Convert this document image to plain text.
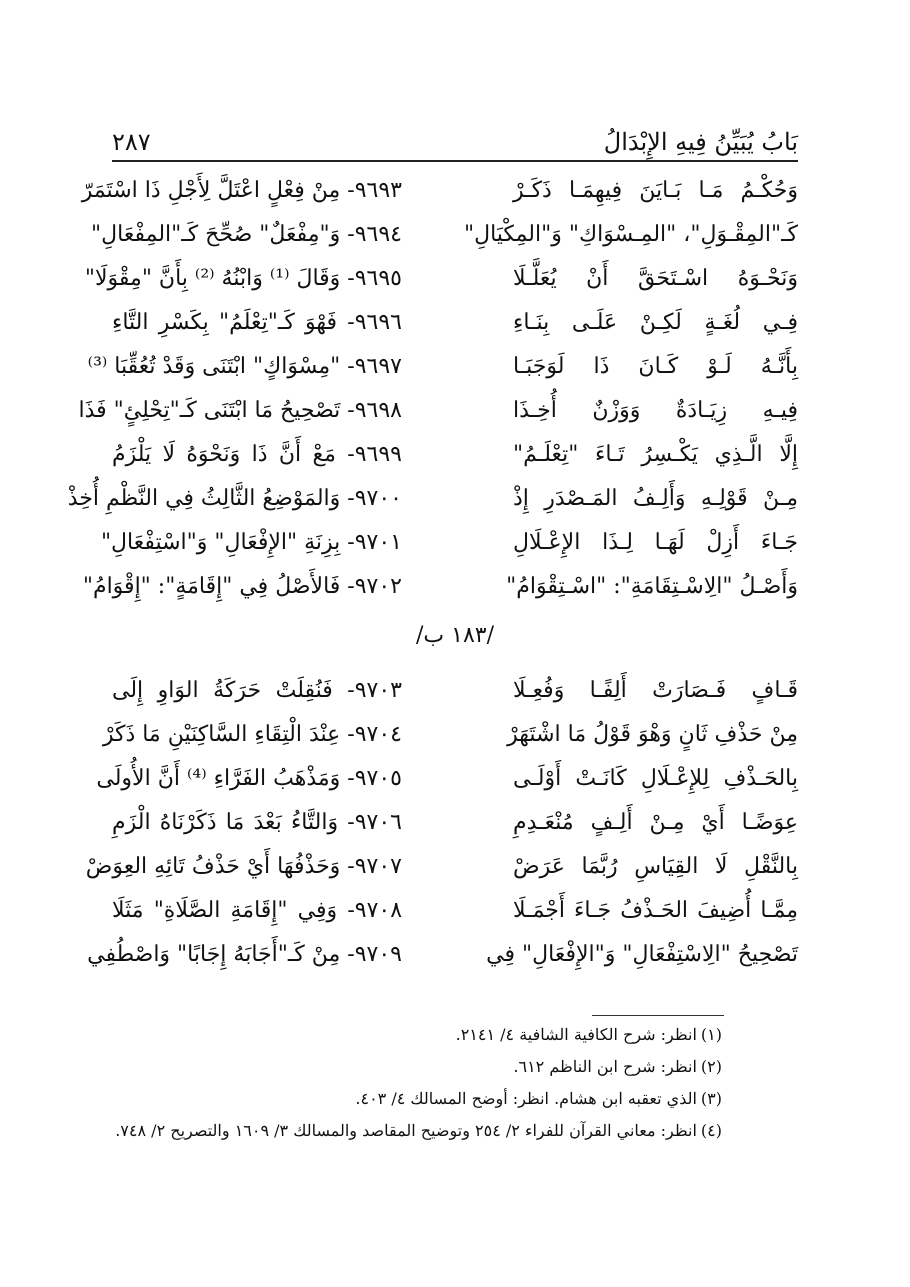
٢٨٧	بَابُ يُبَيِّنُ فِيهِ الإِبْدَالُ
٩٦٩٣- مِنْ فِعْلٍ اعْتَلَّ لِأَجْلِ ذَا اسْتَمَرّ	وَحُكْـمُ مَـا بَـايَنَ فِيهِمَـا ذَكَـرْ
٩٦٩٤- وَ"مِفْعَلٌ" صُحِّحَ كَـ"المِفْعَالِ"	كَـ"المِقْـوَلِ"، "المِـسْوَاكِ" وَ"المِكْيَالِ"
٩٦٩٥- وَقَالَ ⁽¹⁾ وَابْنُهُ ⁽²⁾ بِأَنَّ "مِقْوَلَا"	وَنَحْـوَهُ اسْـتَحَقَّ أَنْ يُعَلَّـلَا
٩٦٩٦- فَهْوَ كَـ"تِعْلَمُ" بِكَسْرِ التَّاءِ	فِـي لُغَـةٍ لَكِـنْ عَلَـى بِنَـاءِ
٩٦٩٧- "مِسْوَاكٍ" ابْتَنَى وَقَدْ تُعُقِّبَا ⁽³⁾	بِأَنَّـهُ لَـوْ كَـانَ ذَا لَوَجَبَـا
٩٦٩٨- تَصْحِيحُ مَا ابْتَنَى كَـ"تِحْلِئٍ" فَذَا	فِيـهِ زِيَـادَةٌ وَوَزْنٌ أُخِـذَا
٩٦٩٩- مَعْ أَنَّ ذَا وَنَحْوَهُ لَا يَلْزَمُ	إِلَّا الَّـذِي يَكْـسِرُ تَـاءَ "تِعْلَـمُ"
٩٧٠٠- وَالمَوْضِعُ الثَّالِثُ فِي النَّظْمِ أُخِذْ	مِـنْ قَوْلِـهِ وَأَلِـفُ المَـصْدَرِ إِذْ
٩٧٠١- بِزِنَةِ "الإِفْعَالِ" وَ"اسْتِفْعَالِ"	جَـاءَ أَزِلْ لَهَـا لِـذَا الإِعْـلَالِ
٩٧٠٢- فَالأَصْلُ فِي "إِقَامَةٍ": "إِقْوَامُ"	وَأَصْـلُ "الِاسْـتِقَامَةِ": "اسْـتِقْوَامُ"
/١٨٣ ب/
٩٧٠٣- فَنُقِلَتْ حَرَكَةُ الوَاوِ إِلَى	قَـافٍ فَـصَارَتْ أَلِفًـا وَفُعِـلَا
٩٧٠٤- عِنْدَ الْتِقَاءِ السَّاكِنَيْنِ مَا ذَكَرْ	مِنْ حَذْفِ ثَانٍ وَهْوَ قَوْلُ مَا اشْتَهَرْ
٩٧٠٥- وَمَذْهَبُ الفَرَّاءِ ⁽⁴⁾ أَنَّ الأُولَى	بِالحَـذْفِ لِلإِعْـلَالِ كَانَـتْ أَوْلَـى
٩٧٠٦- وَالتَّاءُ بَعْدَ مَا ذَكَرْنَاهُ الْزَمِ	عِوَضًـا أَيْ مِـنْ أَلِـفٍ مُنْعَـدِمِ
٩٧٠٧- وَحَذْفُهَا أَيْ حَذْفُ تَائِهِ العِوَضْ	بِالنَّقْلِ لَا القِيَاسِ رُبَّمَا عَرَضْ
٩٧٠٨- وَفِي "إِقَامَةِ الصَّلَاةِ" مَثَلَا	مِمَّـا أُضِيفَ الحَـذْفُ جَـاءَ أَجْمَـلَا
٩٧٠٩- مِنْ كَـ"أَجَابَهُ إِجَابًا" وَاصْطُفِي	تَصْحِيحُ "الِاسْتِفْعَالِ" وَ"الإِفْعَالِ" فِي
(١)
انظر: شرح الكافية الشافية ٤/ ٢١٤١.
(٢)
انظر: شرح ابن الناظم ٦١٢.
(٣)
الذي تعقبه ابن هشام. انظر: أوضح المسالك ٤/ ٤٠٣.
(٤)
انظر: معاني القرآن للفراء ٢/ ٢٥٤ وتوضيح المقاصد والمسالك ٣/ ١٦٠٩ والتصريح ٢/ ٧٤٨.
